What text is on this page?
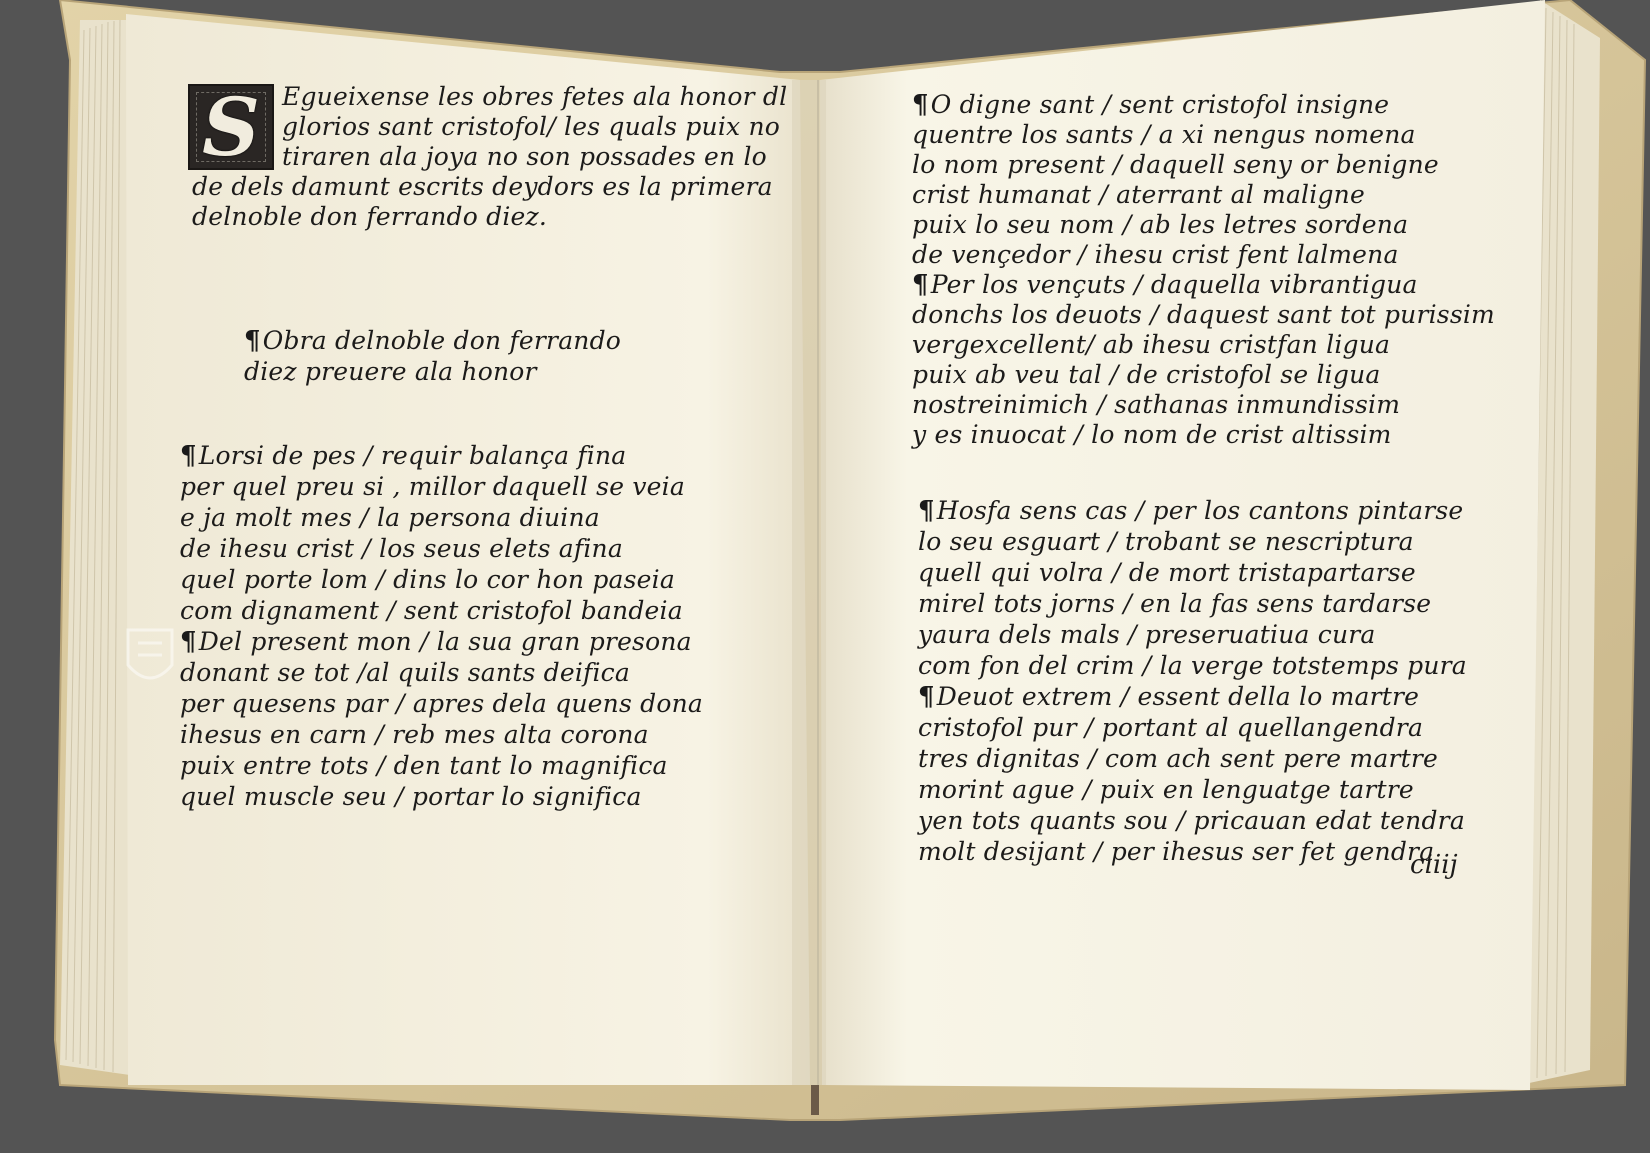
S Egueixense les obres fetes ala honor dl
glorios sant cristofol/ les quals puix no
tiraren ala joya no son possades en lo
de dels damunt escrits deydors es la primera
delnoble don ferrando diez.
¶Obra delnoble don ferrando
diez preuere ala honor
¶Lorsi de pes / requir balança fina
per quel preu si , millor daquell se veia
e ja molt mes / la persona diuina
de ihesu crist / los seus elets afina
quel porte lom / dins lo cor hon paseia
com dignament / sent cristofol bandeia
¶Del present mon / la sua gran presona
donant se tot /al quils sants deifica
per quesens par / apres dela quens dona
ihesus en carn / reb mes alta corona
puix entre tots / den tant lo magnifica
quel muscle seu / portar lo significa
¶O digne sant / sent cristofol insigne
quentre los sants / a xi nengus nomena
lo nom present / daquell seny or benigne
crist humanat / aterrant al maligne
puix lo seu nom / ab les letres sordena
de vençedor / ihesu crist fent lalmena
¶Per los vençuts / daquella vibrantigua
donchs los deuots / daquest sant tot purissim
vergexcellent/ ab ihesu cristfan ligua
puix ab veu tal / de cristofol se ligua
nostreinimich / sathanas inmundissim
y es inuocat / lo nom de crist altissim
¶Hosfa sens cas / per los cantons pintarse
lo seu esguart / trobant se nescriptura
quell qui volra / de mort tristapartarse
mirel tots jorns / en la fas sens tardarse
yaura dels mals / preseruatiua cura
com fon del crim / la verge totstemps pura
¶Deuot extrem / essent della lo martre
cristofol pur / portant al quellangendra
tres dignitas / com ach sent pere martre
morint ague / puix en lenguatge tartre
yen tots quants sou / pricauan edat tendra
molt desijant / per ihesus ser fet gendra
ciiij
